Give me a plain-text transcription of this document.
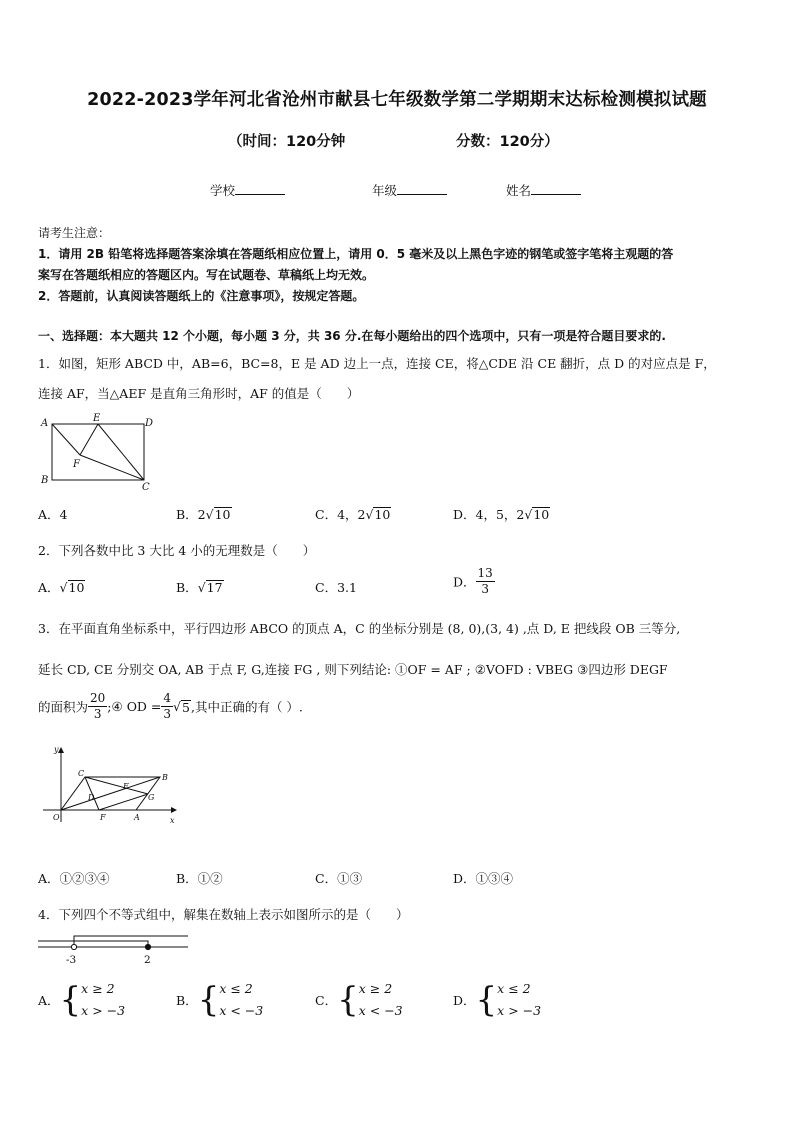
2022-2023学年河北省沧州市献县七年级数学第二学期期末达标检测模拟试题
（时间：120分钟	分数：120分）
学校	年级	姓名
请考生注意：
1．请用 2B 铅笔将选择题答案涂填在答题纸相应位置上，请用 0．5 毫米及以上黑色字迹的钢笔或签字笔将主观题的答
案写在答题纸相应的答题区内。写在试题卷、草稿纸上均无效。
2．答题前，认真阅读答题纸上的《注意事项》，按规定答题。
一、选择题：本大题共 12 个小题，每小题 3 分，共 36 分.在每小题给出的四个选项中，只有一项是符合题目要求的.
1．如图，矩形 ABCD 中，AB=6，BC=8，E 是 AD 边上一点，连接 CE，将△CDE 沿 CE 翻折，点 D 的对应点是 F，
连接 AF，当△AEF 是直角三角形时，AF 的值是（　　）
A	E	D
B
F
C
A．4	B．2√10	C．4，2√10	D．4，5，2√10
2．下列各数中比 3 大比 4 小的无理数是（　　）
A．√10	B．√17	C．3.1	D． $\frac{13}{3}$
3．在平面直角坐标系中，平行四边形 ABCO 的顶点 A，C 的坐标分别是 (8, 0),(3, 4) ,点 D, E 把线段 OB 三等分,
延长 CD, CE 分别交 OA, AB 于点 F, G,连接 FG , 则下列结论: ①OF = AF ; ②VOFD : VBEG ③四边形 DEGF
的面积为 $\frac{20}{3}$ ;④ OD = $\frac{4}{3} √5$,其中正确的有（ ）.
y
x
O
C	B
E
D	G
F	A
A．①②③④	B．①②	C．①③	D．①③④
4．下列四个不等式组中，解集在数轴上表示如图所示的是（　　）
-3	2
A．{ x ≥ 2
x > −3
B．{ x ≤ 2
x < −3
C．{ x ≥ 2
x < −3
D．{ x ≤ 2
x > −3
